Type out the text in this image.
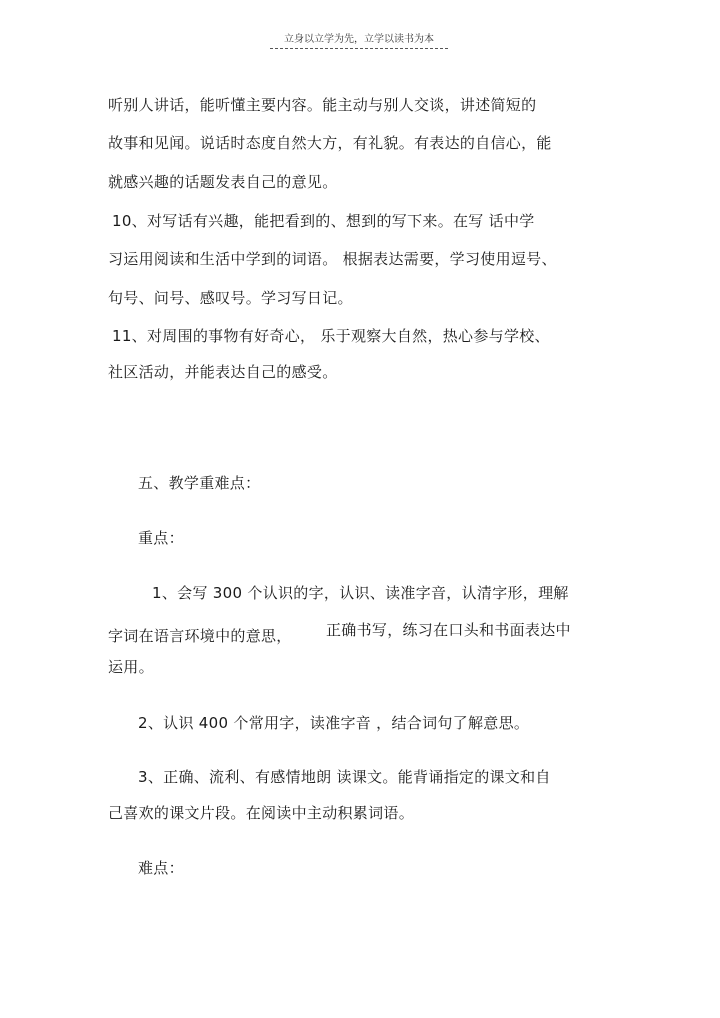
立身以立学为先，立学以读书为本
听别人讲话，能听懂主要内容。能主动与别人交谈，讲述简短的
故事和见闻。说话时态度自然大方，有礼貌。有表达的自信心，能
就感兴趣的话题发表自己的意见。
10、对写话有兴趣，能把看到的、想到的写下来。在写 话中学
习运用阅读和生活中学到的词语。 根据表达需要，学习使用逗号、
句号、问号、感叹号。学习写日记。
11、对周围的事物有好奇心， 乐于观察大自然，热心参与学校、
社区活动，并能表达自己的感受。
五、教学重难点：
重点：
1、会写 300 个认识的字，认识、读准字音，认清字形，理解
字词在语言环境中的意思， 正确书写，练习在口头和书面表达中
运用。
2、认识 400 个常用字，读准字音 ，结合词句了解意思。
3、正确、流利、有感情地朗 读课文。能背诵指定的课文和自
己喜欢的课文片段。在阅读中主动积累词语。
难点：
